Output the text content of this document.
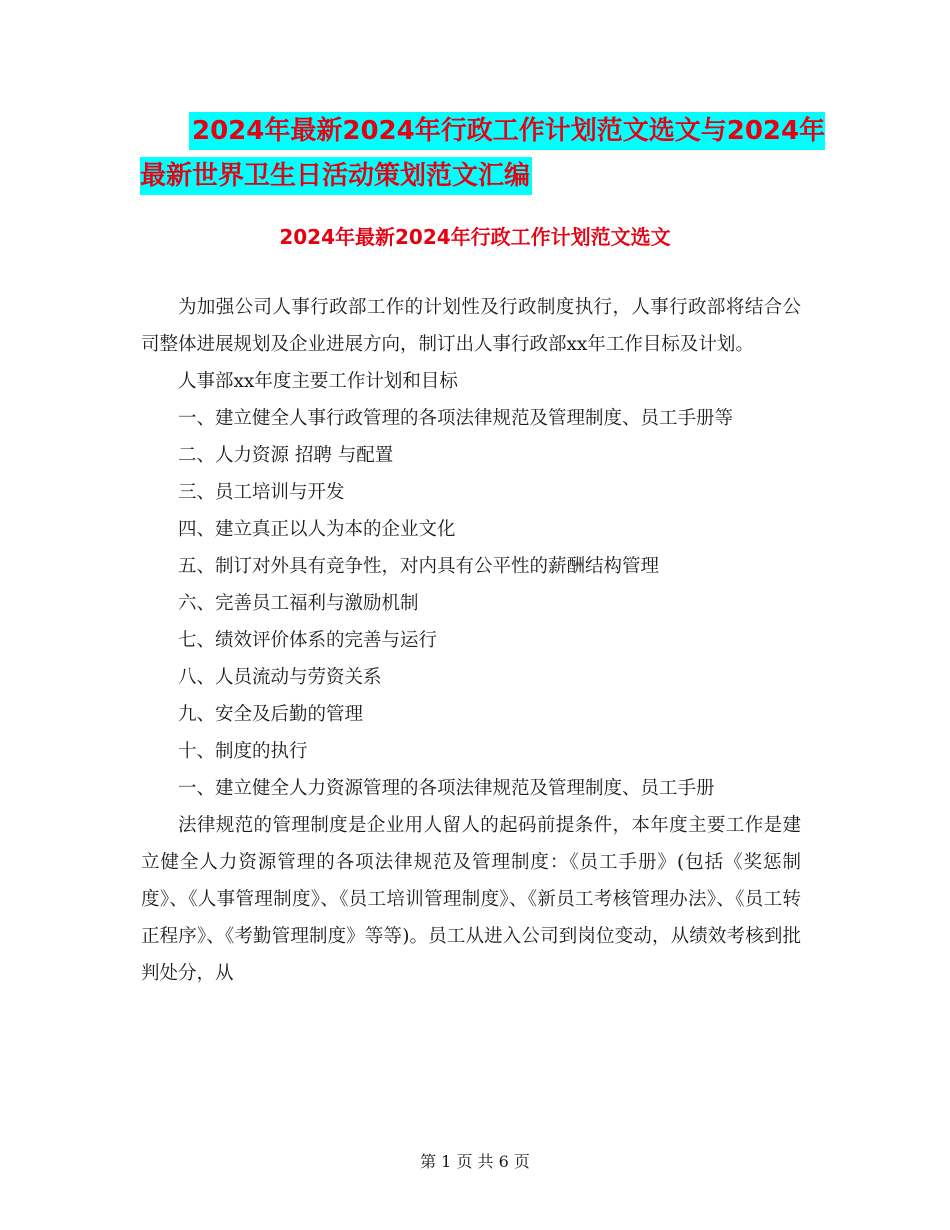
2024年最新2024年行政工作计划范文选文与2024年
最新世界卫生日活动策划范文汇编
2024年最新2024年行政工作计划范文选文

为加强公司人事行政部工作的计划性及行政制度执行，人事行政部将结合公司整体进展规划及企业进展方向，制订出人事行政部xx年工作目标及计划。

人事部xx年度主要工作计划和目标

一、建立健全人事行政管理的各项法律规范及管理制度、员工手册等

二、人力资源 招聘 与配置

三、员工培训与开发

四、建立真正以人为本的企业文化

五、制订对外具有竞争性，对内具有公平性的薪酬结构管理

六、完善员工福利与激励机制

七、绩效评价体系的完善与运行

八、人员流动与劳资关系

九、安全及后勤的管理

十、制度的执行

一、建立健全人力资源管理的各项法律规范及管理制度、员工手册

法律规范的管理制度是企业用人留人的起码前提条件，本年度主要工作是建立健全人力资源管理的各项法律规范及管理制度：《员工手册》(包括《奖惩制度》、《人事管理制度》、《员工培训管理制度》、《新员工考核管理办法》、《员工转正程序》、《考勤管理制度》等等)。员工从进入公司到岗位变动，从绩效考核到批判处分，从

第 1 页 共 6 页
